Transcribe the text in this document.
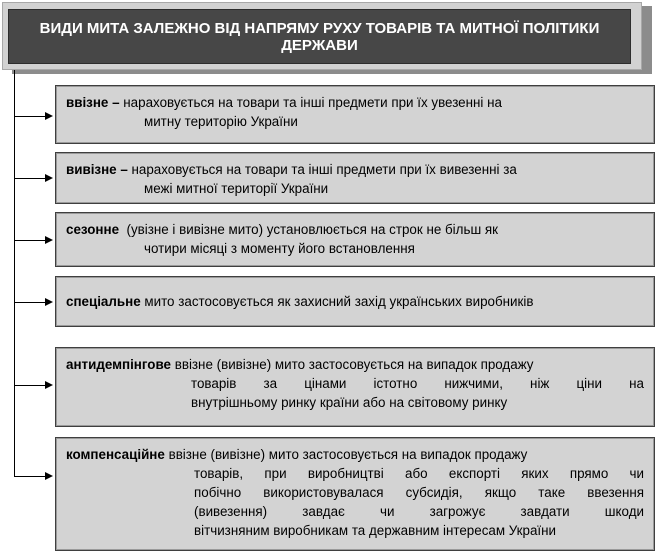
ВИДИ МИТА ЗАЛЕЖНО ВІД НАПРЯМУ РУХУ ТОВАРІВ ТА МИТНОЇ ПОЛІТИКИ ДЕРЖАВИ

ввізне – нараховується на товари та інші предмети при їх увезенні на

митну територію України

вивізне – нараховується на товари та інші предмети при їх вивезенні за

межі митної території України

сезонне (увізне і вивізне мито) установлюється на строк не більш як

чотири місяці з моменту його встановлення

спеціальне мито застосовується як захисний захід українських виробників

антидемпінгове ввізне (вивізне) мито застосовується на випадок продажу

товарів за цінами істотно нижчими, ніж ціни на
внутрішньому ринку країни або на світовому ринку

компенсаційне ввізне (вивізне) мито застосовується на випадок продажу

товарів, при виробництві або експорті яких прямо чи
побічно використовувалася субсидія, якщо таке ввезення
(вивезення) завдає чи загрожує завдати шкоди
вітчизняним виробникам та державним інтересам України
